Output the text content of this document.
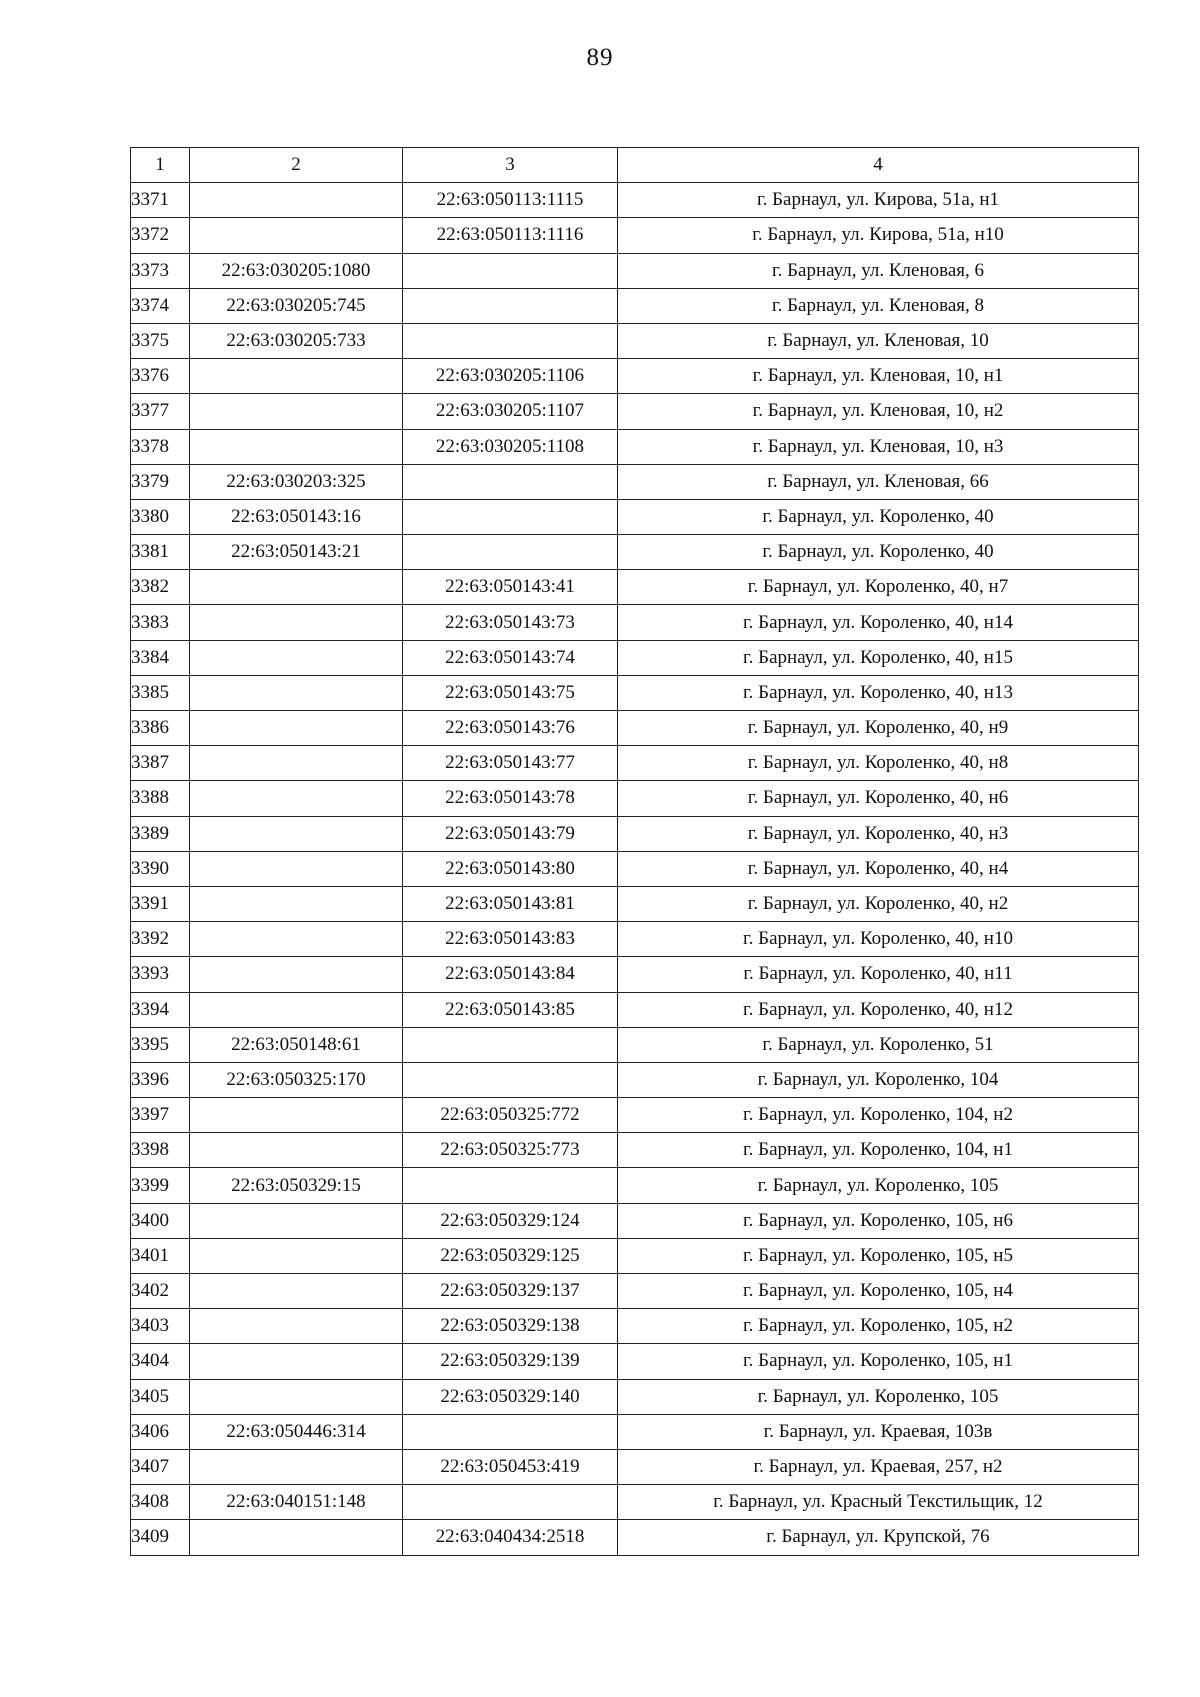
89
1	2	3	4
3371		22:63:050113:1115	г. Барнаул, ул. Кирова, 51а, н1
3372		22:63:050113:1116	г. Барнаул, ул. Кирова, 51а, н10
3373	22:63:030205:1080		г. Барнаул, ул. Кленовая, 6
3374	22:63:030205:745		г. Барнаул, ул. Кленовая, 8
3375	22:63:030205:733		г. Барнаул, ул. Кленовая, 10
3376		22:63:030205:1106	г. Барнаул, ул. Кленовая, 10, н1
3377		22:63:030205:1107	г. Барнаул, ул. Кленовая, 10, н2
3378		22:63:030205:1108	г. Барнаул, ул. Кленовая, 10, н3
3379	22:63:030203:325		г. Барнаул, ул. Кленовая, 66
3380	22:63:050143:16		г. Барнаул, ул. Короленко, 40
3381	22:63:050143:21		г. Барнаул, ул. Короленко, 40
3382		22:63:050143:41	г. Барнаул, ул. Короленко, 40, н7
3383		22:63:050143:73	г. Барнаул, ул. Короленко, 40, н14
3384		22:63:050143:74	г. Барнаул, ул. Короленко, 40, н15
3385		22:63:050143:75	г. Барнаул, ул. Короленко, 40, н13
3386		22:63:050143:76	г. Барнаул, ул. Короленко, 40, н9
3387		22:63:050143:77	г. Барнаул, ул. Короленко, 40, н8
3388		22:63:050143:78	г. Барнаул, ул. Короленко, 40, н6
3389		22:63:050143:79	г. Барнаул, ул. Короленко, 40, н3
3390		22:63:050143:80	г. Барнаул, ул. Короленко, 40, н4
3391		22:63:050143:81	г. Барнаул, ул. Короленко, 40, н2
3392		22:63:050143:83	г. Барнаул, ул. Короленко, 40, н10
3393		22:63:050143:84	г. Барнаул, ул. Короленко, 40, н11
3394		22:63:050143:85	г. Барнаул, ул. Короленко, 40, н12
3395	22:63:050148:61		г. Барнаул, ул. Короленко, 51
3396	22:63:050325:170		г. Барнаул, ул. Короленко, 104
3397		22:63:050325:772	г. Барнаул, ул. Короленко, 104, н2
3398		22:63:050325:773	г. Барнаул, ул. Короленко, 104, н1
3399	22:63:050329:15		г. Барнаул, ул. Короленко, 105
3400		22:63:050329:124	г. Барнаул, ул. Короленко, 105, н6
3401		22:63:050329:125	г. Барнаул, ул. Короленко, 105, н5
3402		22:63:050329:137	г. Барнаул, ул. Короленко, 105, н4
3403		22:63:050329:138	г. Барнаул, ул. Короленко, 105, н2
3404		22:63:050329:139	г. Барнаул, ул. Короленко, 105, н1
3405		22:63:050329:140	г. Барнаул, ул. Короленко, 105
3406	22:63:050446:314		г. Барнаул, ул. Краевая, 103в
3407		22:63:050453:419	г. Барнаул, ул. Краевая, 257, н2
3408	22:63:040151:148		г. Барнаул, ул. Красный Текстильщик, 12
3409		22:63:040434:2518	г. Барнаул, ул. Крупской, 76
